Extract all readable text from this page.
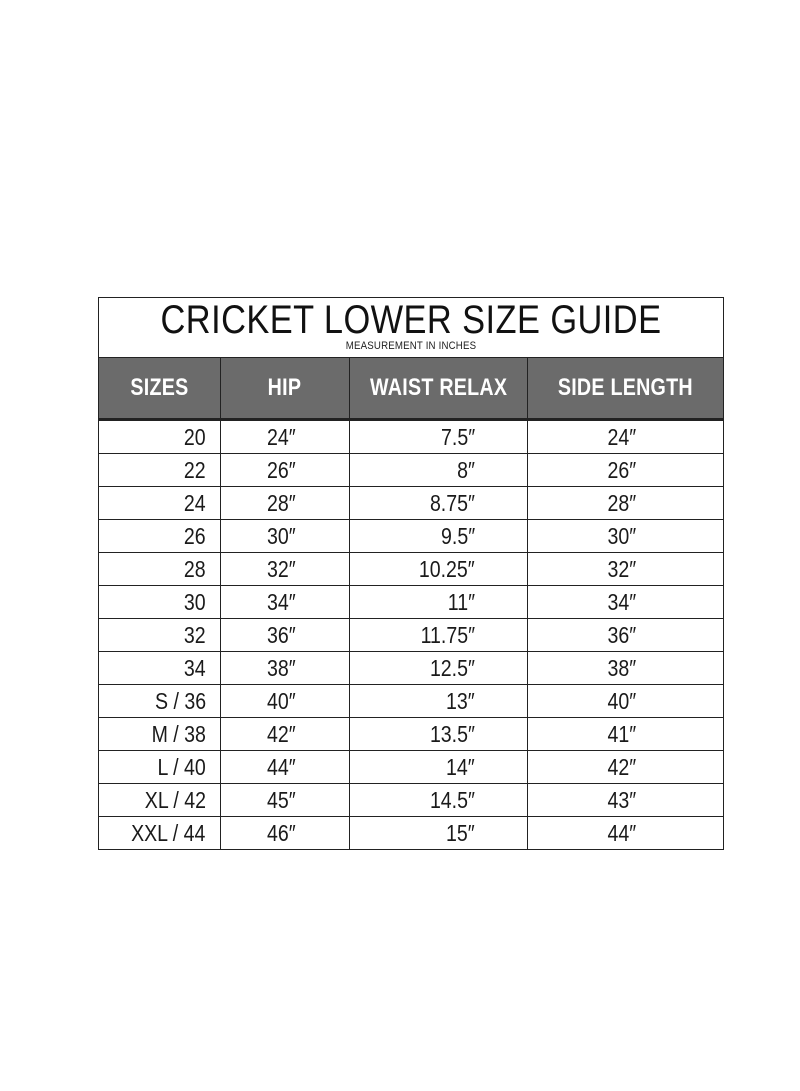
CRICKET LOWER SIZE GUIDE
MEASUREMENT IN INCHES
SIZES	HIP	WAIST RELAX	SIDE LENGTH
20	24″	7.5″	24″
22	26″	8″	26″
24	28″	8.75″	28″
26	30″	9.5″	30″
28	32″	10.25″	32″
30	34″	11″	34″
32	36″	11.75″	36″
34	38″	12.5″	38″
S / 36	40″	13″	40″
M / 38	42″	13.5″	41″
L / 40	44″	14″	42″
XL / 42	45″	14.5″	43″
XXL / 44	46″	15″	44″
